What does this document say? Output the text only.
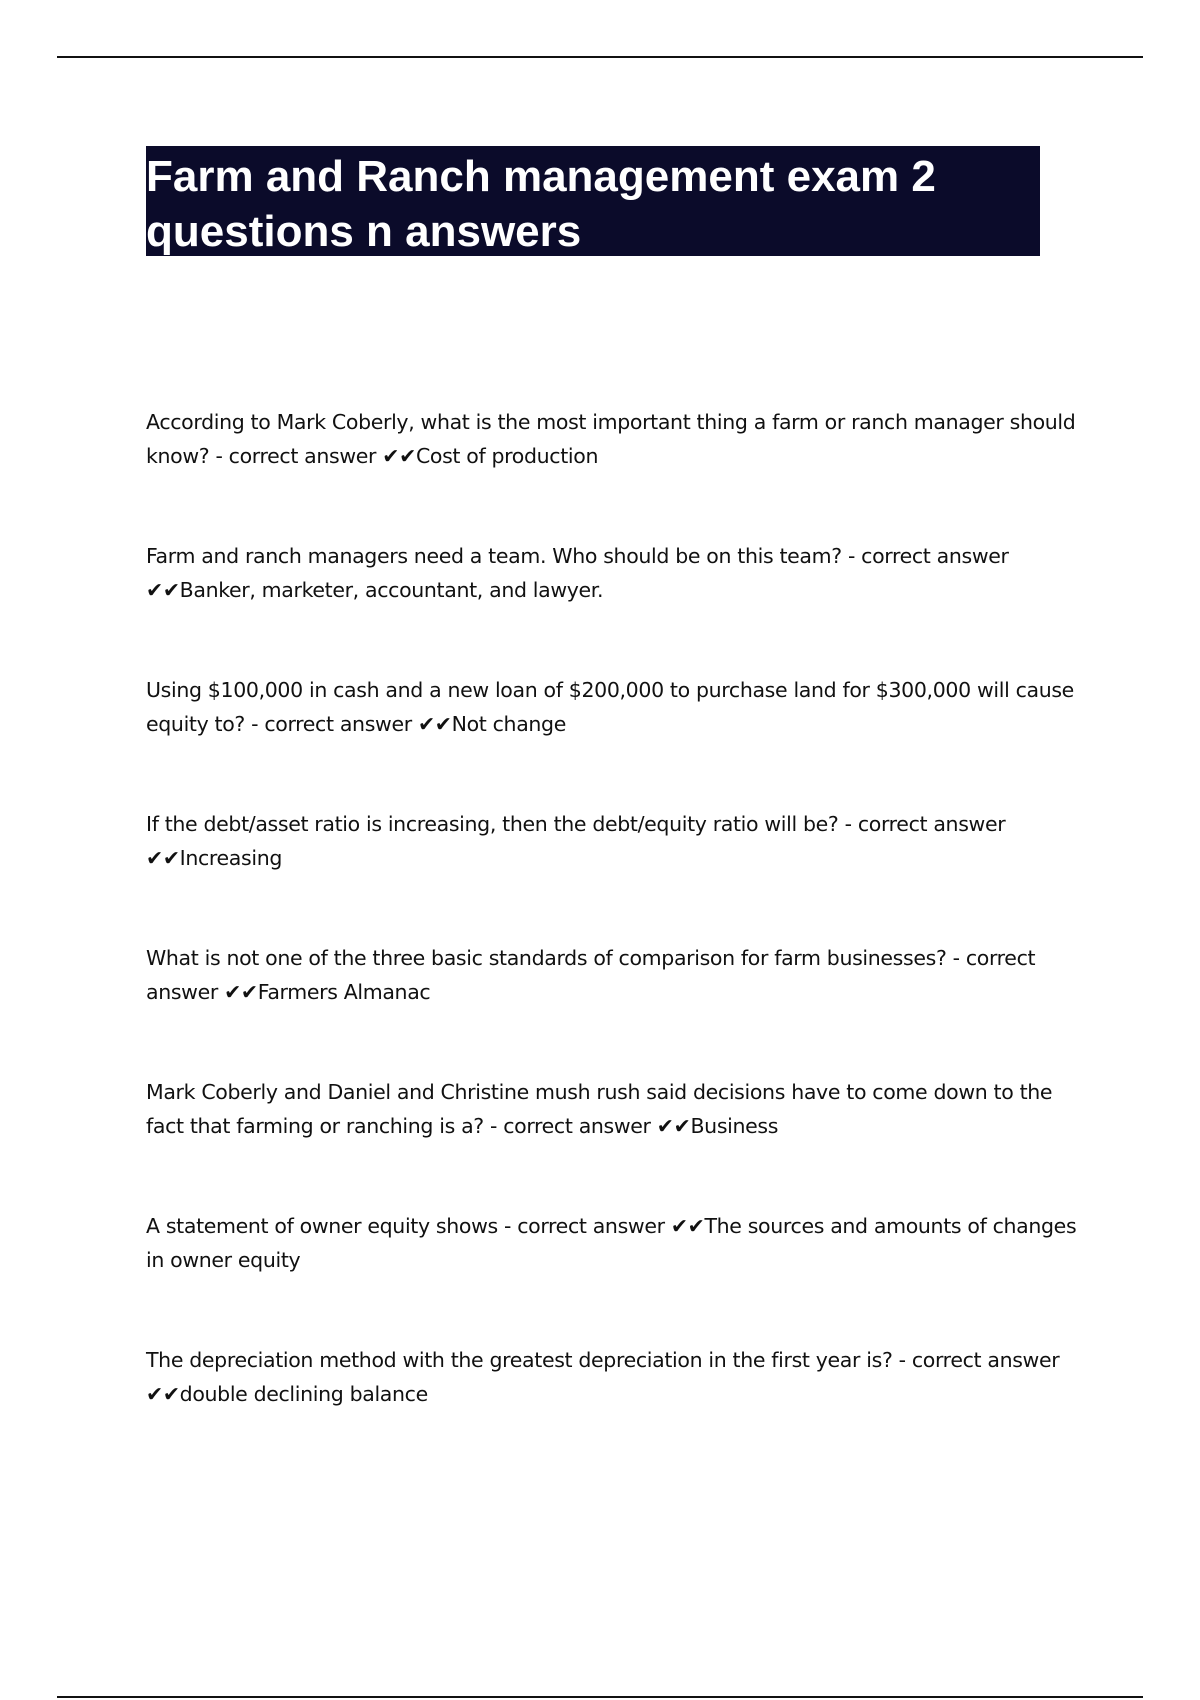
Farm and Ranch management exam 2
questions n answers

According to Mark Coberly, what is the most important thing a farm or ranch manager should know? - correct answer ✔✔Cost of production

Farm and ranch managers need a team. Who should be on this team? - correct answer ✔✔Banker, marketer, accountant, and lawyer.

Using $100,000 in cash and a new loan of $200,000 to purchase land for $300,000 will cause equity to? - correct answer ✔✔Not change

If the debt/asset ratio is increasing, then the debt/equity ratio will be? - correct answer ✔✔Increasing

What is not one of the three basic standards of comparison for farm businesses? - correct answer ✔✔Farmers Almanac

Mark Coberly and Daniel and Christine mush rush said decisions have to come down to the fact that farming or ranching is a? - correct answer ✔✔Business

A statement of owner equity shows - correct answer ✔✔The sources and amounts of changes in owner equity

The depreciation method with the greatest depreciation in the first year is? - correct answer ✔✔double declining balance
